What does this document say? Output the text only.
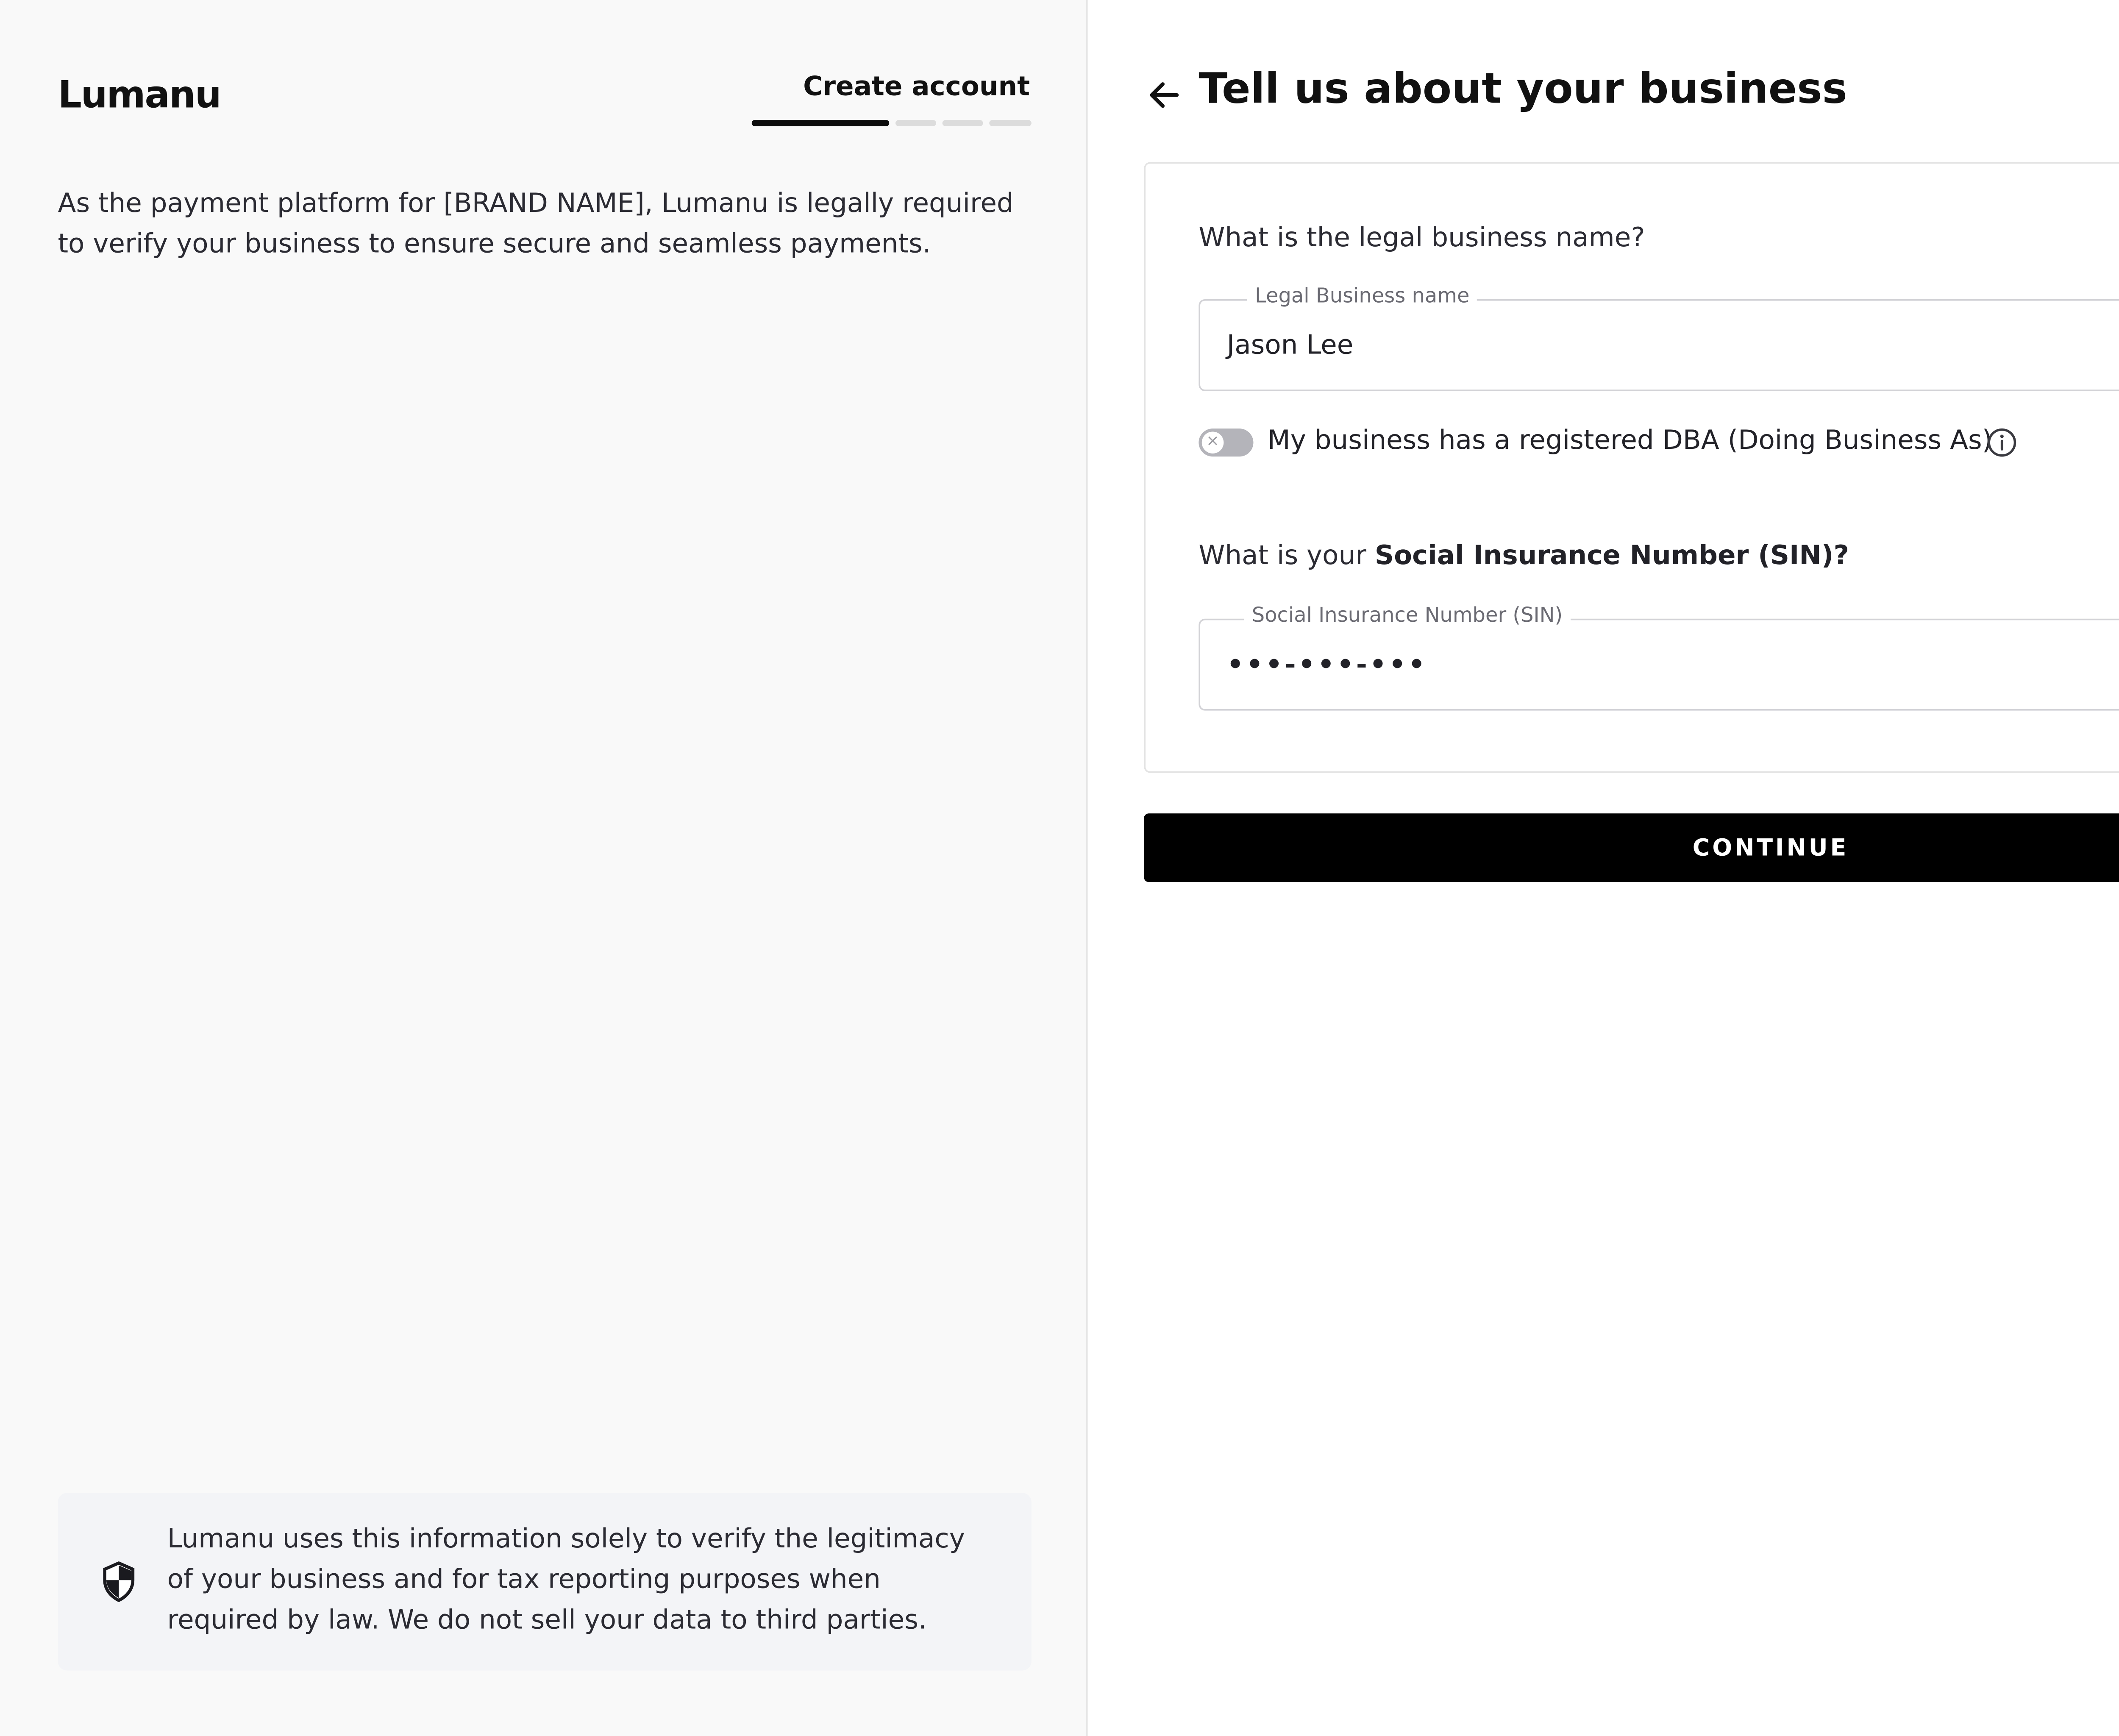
Lumanu	Create account
As the payment platform for [BRAND NAME], Lumanu is legally required to verify your business to ensure secure and seamless payments.
Lumanu uses this information solely to verify the legitimacy of your business and for tax reporting purposes when required by law. We do not sell your data to third parties.
Tell us about your business
What is the legal business name?
Legal Business name
Jason Lee
×	My business has a registered DBA (Doing Business As)
What is your Social Insurance Number (SIN)?
Social Insurance Number (SIN)
•••-•••-•••
CONTINUE
